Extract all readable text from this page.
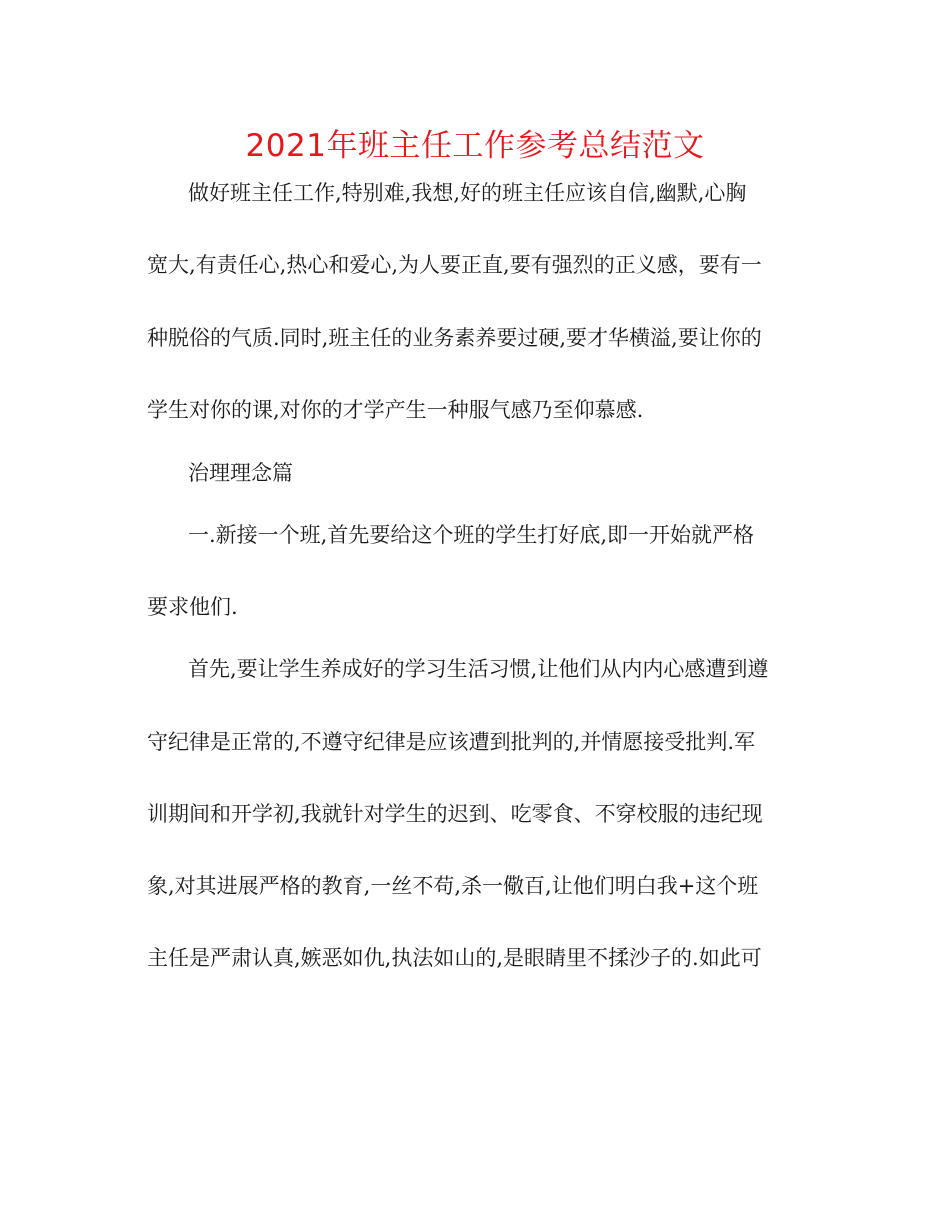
2021年班主任工作参考总结范文
做好班主任工作,特别难,我想,好的班主任应该自信,幽默,心胸
宽大,有责任心,热心和爱心,为人要正直,要有强烈的正义感，要有一
种脱俗的气质.同时,班主任的业务素养要过硬,要才华横溢,要让你的
学生对你的课,对你的才学产生一种服气感乃至仰慕感.
治理理念篇
一.新接一个班,首先要给这个班的学生打好底,即一开始就严格
要求他们.
首先,要让学生养成好的学习生活习惯,让他们从内内心感遭到遵
守纪律是正常的,不遵守纪律是应该遭到批判的,并情愿接受批判.军
训期间和开学初,我就针对学生的迟到、吃零食、不穿校服的违纪现
象,对其进展严格的教育,一丝不苟,杀一儆百,让他们明白我+这个班
主任是严肃认真,嫉恶如仇,执法如山的,是眼睛里不揉沙子的.如此可
